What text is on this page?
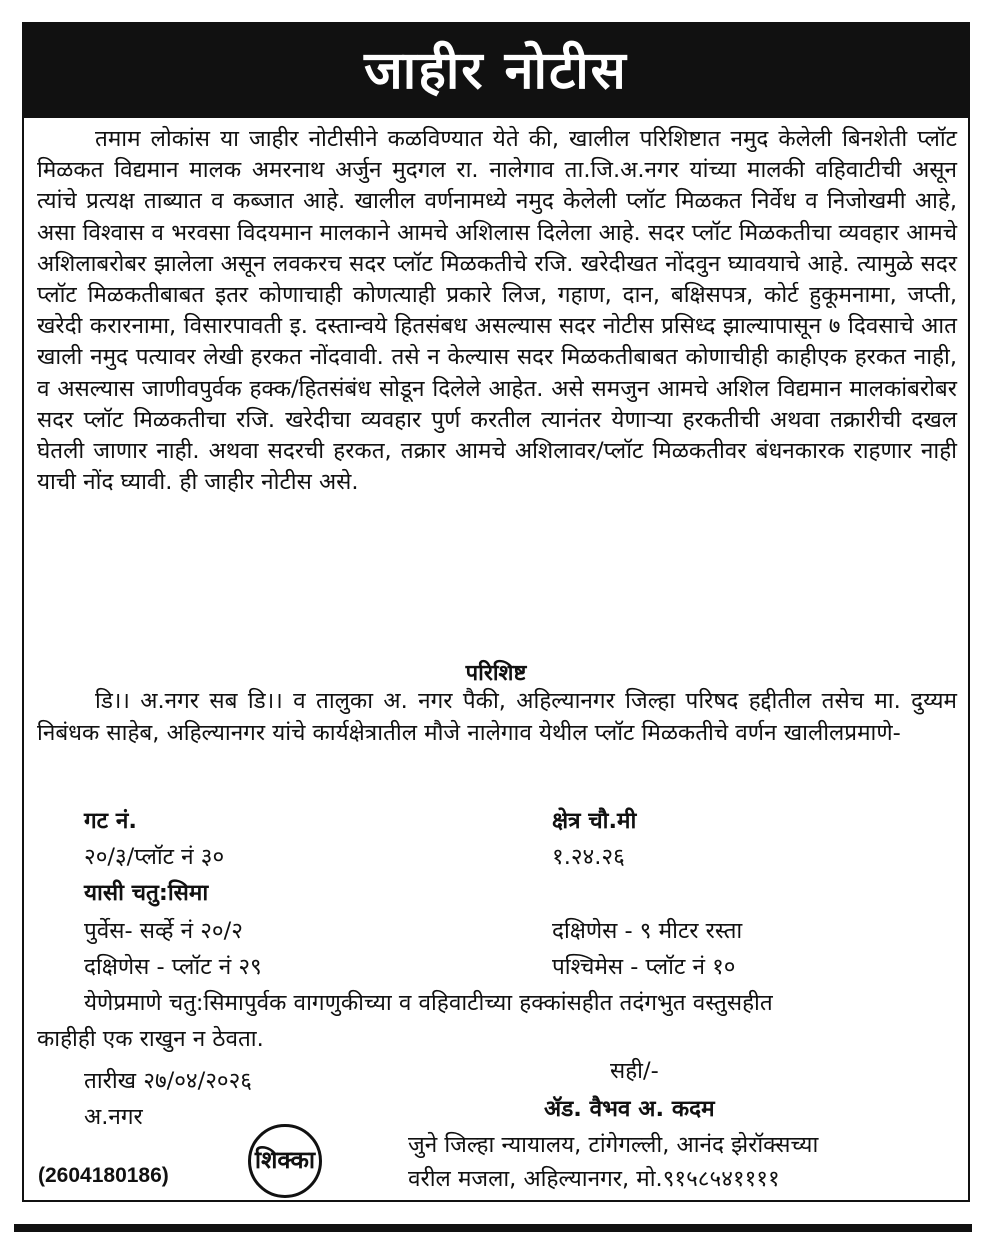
जाहीर नोटीस

तमाम लोकांस या जाहीर नोटीसीने कळविण्यात येते की, खालील परिशिष्टात नमुद केलेली बिनशेती प्लॉट मिळकत विद्यमान मालक अमरनाथ अर्जुन मुदगल रा. नालेगाव ता.जि.अ.नगर यांच्या मालकी वहिवाटीची असून त्यांचे प्रत्यक्ष ताब्यात व कब्जात आहे. खालील वर्णनामध्ये नमुद केलेली प्लॉट मिळकत निर्वेध व निजोखमी आहे, असा विश्वास व भरवसा विदयमान मालकाने आमचे अशिलास दिलेला आहे. सदर प्लॉट मिळकतीचा व्यवहार आमचे अशिलाबरोबर झालेला असून लवकरच सदर प्लॉट मिळकतीचे रजि. खरेदीखत नोंदवुन घ्यावयाचे आहे. त्यामुळे सदर प्लॉट मिळकतीबाबत इतर कोणाचाही कोणत्याही प्रकारे लिज, गहाण, दान, बक्षिसपत्र, कोर्ट हुकूमनामा, जप्ती, खरेदी करारनामा, विसारपावती इ. दस्तान्वये हितसंबध असल्यास सदर नोटीस प्रसिध्द झाल्यापासून ७ दिवसाचे आत खाली नमुद पत्यावर लेखी हरकत नोंदवावी. तसे न केल्यास सदर मिळकतीबाबत कोणाचीही काहीएक हरकत नाही, व असल्यास जाणीवपुर्वक हक्क/हितसंबंध सोडून दिलेले आहेत. असे समजुन आमचे अशिल विद्यमान मालकांबरोबर सदर प्लॉट मिळकतीचा रजि. खरेदीचा व्यवहार पुर्ण करतील त्यानंतर येणाऱ्या हरकतीची अथवा तक्रारीची दखल घेतली जाणार नाही. अथवा सदरची हरकत, तक्रार आमचे अशिलावर/प्लॉट मिळकतीवर बंधनकारक राहणार नाही याची नोंद घ्यावी. ही जाहीर नोटीस असे.

परिशिष्ट

डि।। अ.नगर सब डि।। व तालुका अ. नगर पैकी, अहिल्यानगर जिल्हा परिषद हद्दीतील तसेच मा. दुय्यम निबंधक साहेब, अहिल्यानगर यांचे कार्यक्षेत्रातील मौजे नालेगाव येथील प्लॉट मिळकतीचे वर्णन खालीलप्रमाणे-

गट नं.	क्षेत्र चौ.मी
२०/३/प्लॉट नं ३०	१.२४.२६
यासी चतु:सिमा
पुर्वेस- सर्व्हे नं २०/२	दक्षिणेस - ९ मीटर रस्ता
दक्षिणेस - प्लॉट नं २९	पश्चिमेस - प्लॉट नं १०
येणेप्रमाणे चतु:सिमापुर्वक वागणुकीच्या व वहिवाटीच्या हक्कांसहीत तदंगभुत वस्तुसहीत
काहीही एक राखुन न ठेवता.
सही/-
तारीख २७/०४/२०२६
ॲड. वैभव अ. कदम
अ.नगर
शिक्का
जुने जिल्हा न्यायालय, टांगेगल्ली, आनंद झेरॉक्सच्या
वरील मजला, अहिल्यानगर, मो.९१५८५४११११
(2604180186)
